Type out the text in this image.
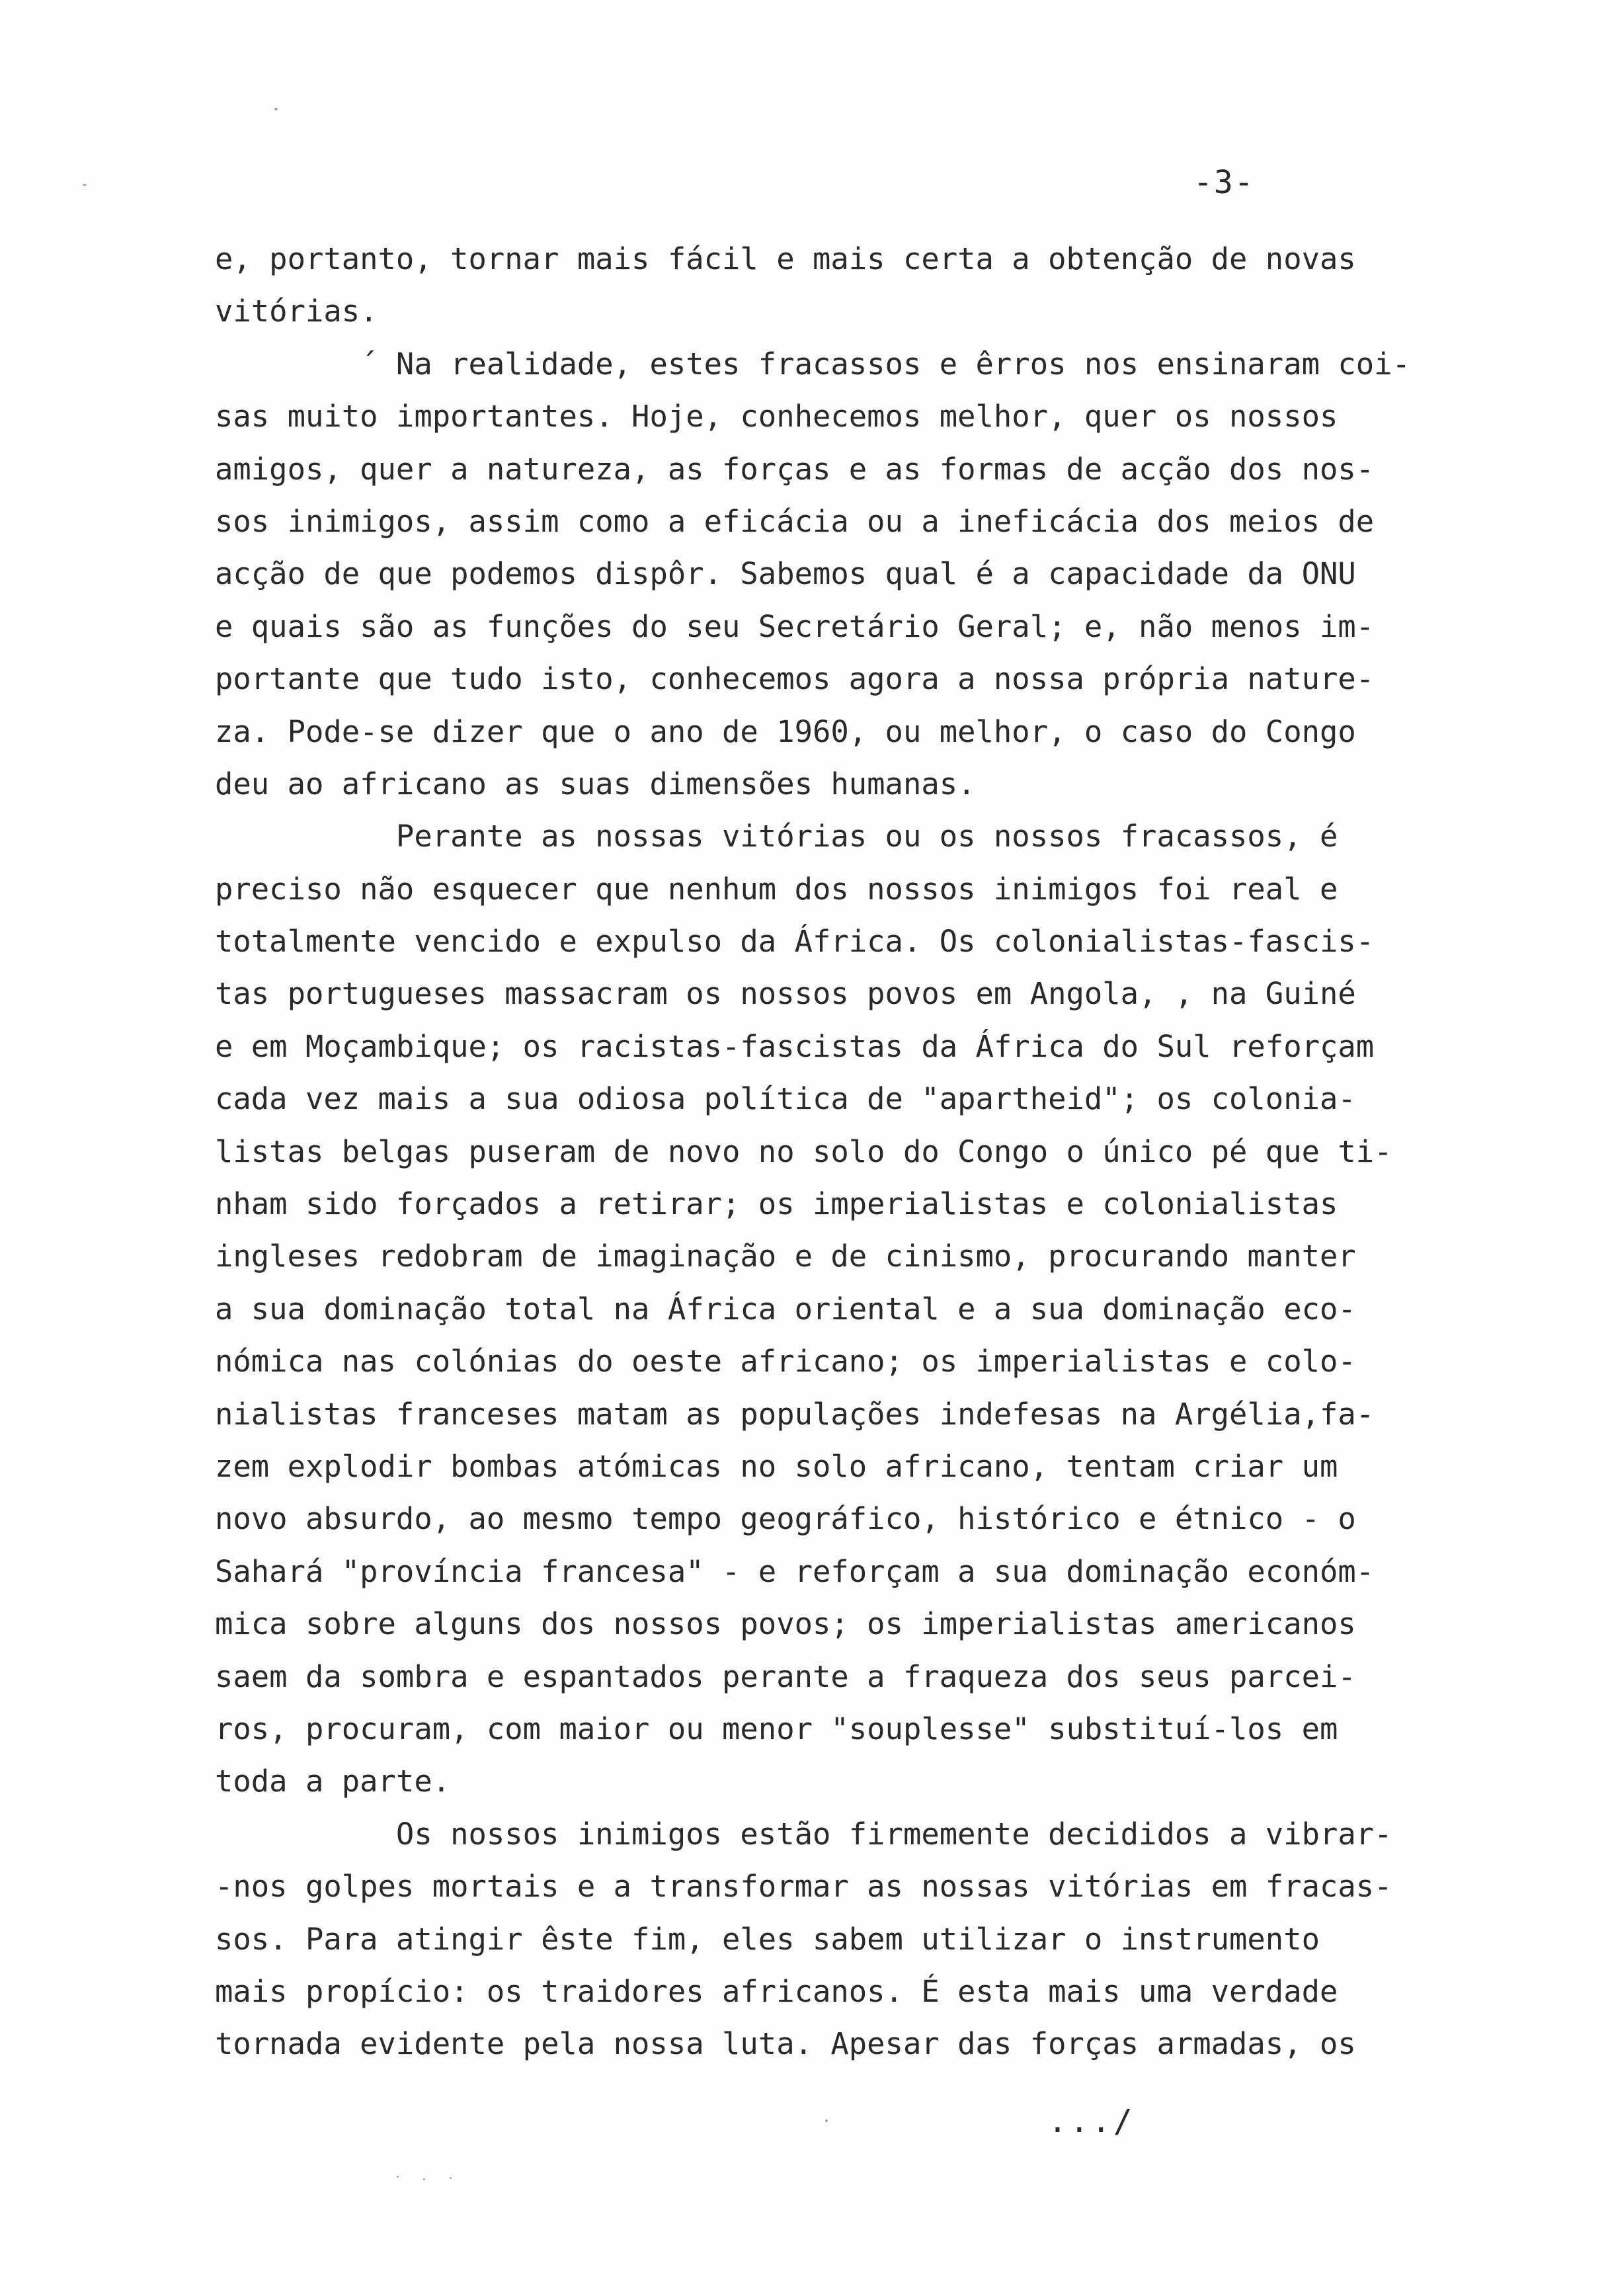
-3-
e, portanto, tornar mais fácil e mais certa a obtenção de novas
vitórias.
´ Na realidade, estes fracassos e êrros nos ensinaram coi-
sas muito importantes. Hoje, conhecemos melhor, quer os nossos
amigos, quer a natureza, as forças e as formas de acção dos nos-
sos inimigos, assim como a eficácia ou a ineficácia dos meios de
acção de que podemos dispôr. Sabemos qual é a capacidade da ONU
e quais são as funções do seu Secretário Geral; e, não menos im-
portante que tudo isto, conhecemos agora a nossa própria nature-
za. Pode-se dizer que o ano de 1960, ou melhor, o caso do Congo
deu ao africano as suas dimensões humanas.
Perante as nossas vitórias ou os nossos fracassos, é
preciso não esquecer que nenhum dos nossos inimigos foi real e
totalmente vencido e expulso da África. Os colonialistas-fascis-
tas portugueses massacram os nossos povos em Angola, , na Guiné
e em Moçambique; os racistas-fascistas da África do Sul reforçam
cada vez mais a sua odiosa política de "apartheid"; os colonia-
listas belgas puseram de novo no solo do Congo o único pé que ti-
nham sido forçados a retirar; os imperialistas e colonialistas
ingleses redobram de imaginação e de cinismo, procurando manter
a sua dominação total na África oriental e a sua dominação eco-
nómica nas colónias do oeste africano; os imperialistas e colo-
nialistas franceses matam as populações indefesas na Argélia,fa-
zem explodir bombas atómicas no solo africano, tentam criar um
novo absurdo, ao mesmo tempo geográfico, histórico e étnico - o
Sahará "província francesa" - e reforçam a sua dominação económ-
mica sobre alguns dos nossos povos; os imperialistas americanos
saem da sombra e espantados perante a fraqueza dos seus parcei-
ros, procuram, com maior ou menor "souplesse" substituí-los em
toda a parte.
Os nossos inimigos estão firmemente decididos a vibrar-
-nos golpes mortais e a transformar as nossas vitórias em fracas-
sos. Para atingir êste fim, eles sabem utilizar o instrumento
mais propício: os traidores africanos. É esta mais uma verdade
tornada evidente pela nossa luta. Apesar das forças armadas, os
.../
